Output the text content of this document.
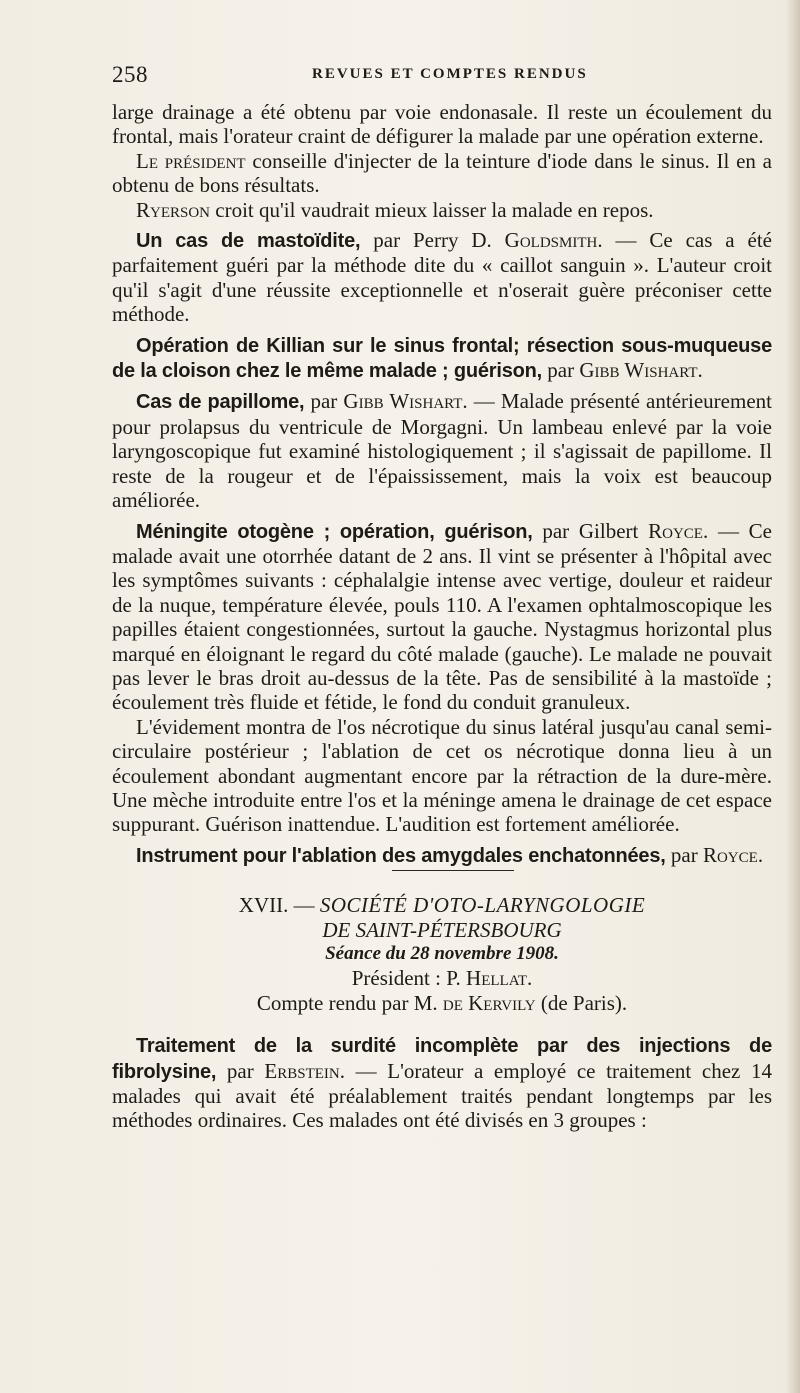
258	REVUES ET COMPTES RENDUS

large drainage a été obtenu par voie endonasale. Il reste un écoulement du frontal, mais l'orateur craint de défigurer la malade par une opération externe.

Le président conseille d'injecter de la teinture d'iode dans le sinus. Il en a obtenu de bons résultats.

Ryerson croit qu'il vaudrait mieux laisser la malade en repos.

Un cas de mastoïdite, par Perry D. Goldsmith. — Ce cas a été parfaitement guéri par la méthode dite du « caillot sanguin ». L'auteur croit qu'il s'agit d'une réussite exceptionnelle et n'oserait guère préconiser cette méthode.

Opération de Killian sur le sinus frontal; résection sous-muqueuse de la cloison chez le même malade ; guérison, par Gibb Wishart.

Cas de papillome, par Gibb Wishart. — Malade présenté antérieurement pour prolapsus du ventricule de Morgagni. Un lambeau enlevé par la voie laryngoscopique fut examiné histologiquement ; il s'agissait de papillome. Il reste de la rougeur et de l'épaississement, mais la voix est beaucoup améliorée.

Méningite otogène ; opération, guérison, par Gilbert Royce. — Ce malade avait une otorrhée datant de 2 ans. Il vint se présenter à l'hôpital avec les symptômes suivants : céphalalgie intense avec vertige, douleur et raideur de la nuque, température élevée, pouls 110. A l'examen ophtalmoscopique les papilles étaient congestionnées, surtout la gauche. Nystagmus horizontal plus marqué en éloignant le regard du côté malade (gauche). Le malade ne pouvait pas lever le bras droit au-dessus de la tête. Pas de sensibilité à la mastoïde ; écoulement très fluide et fétide, le fond du conduit granuleux.

L'évidement montra de l'os nécrotique du sinus latéral jusqu'au canal semi-circulaire postérieur ; l'ablation de cet os nécrotique donna lieu à un écoulement abondant augmentant encore par la rétraction de la dure-mère. Une mèche introduite entre l'os et la méninge amena le drainage de cet espace suppurant. Guérison inattendue. L'audition est fortement améliorée.

Instrument pour l'ablation des amygdales enchatonnées, par Royce.

XVII. — SOCIÉTÉ D'OTO-LARYNGOLOGIE
DE SAINT-PÉTERSBOURG
Séance du 28 novembre 1908.
Président : P. Hellat.
Compte rendu par M. de Kervily (de Paris).

Traitement de la surdité incomplète par des injections de fibrolysine, par Erbstein. — L'orateur a employé ce traitement chez 14 malades qui avait été préalablement traités pendant longtemps par les méthodes ordinaires. Ces malades ont été divisés en 3 groupes :
